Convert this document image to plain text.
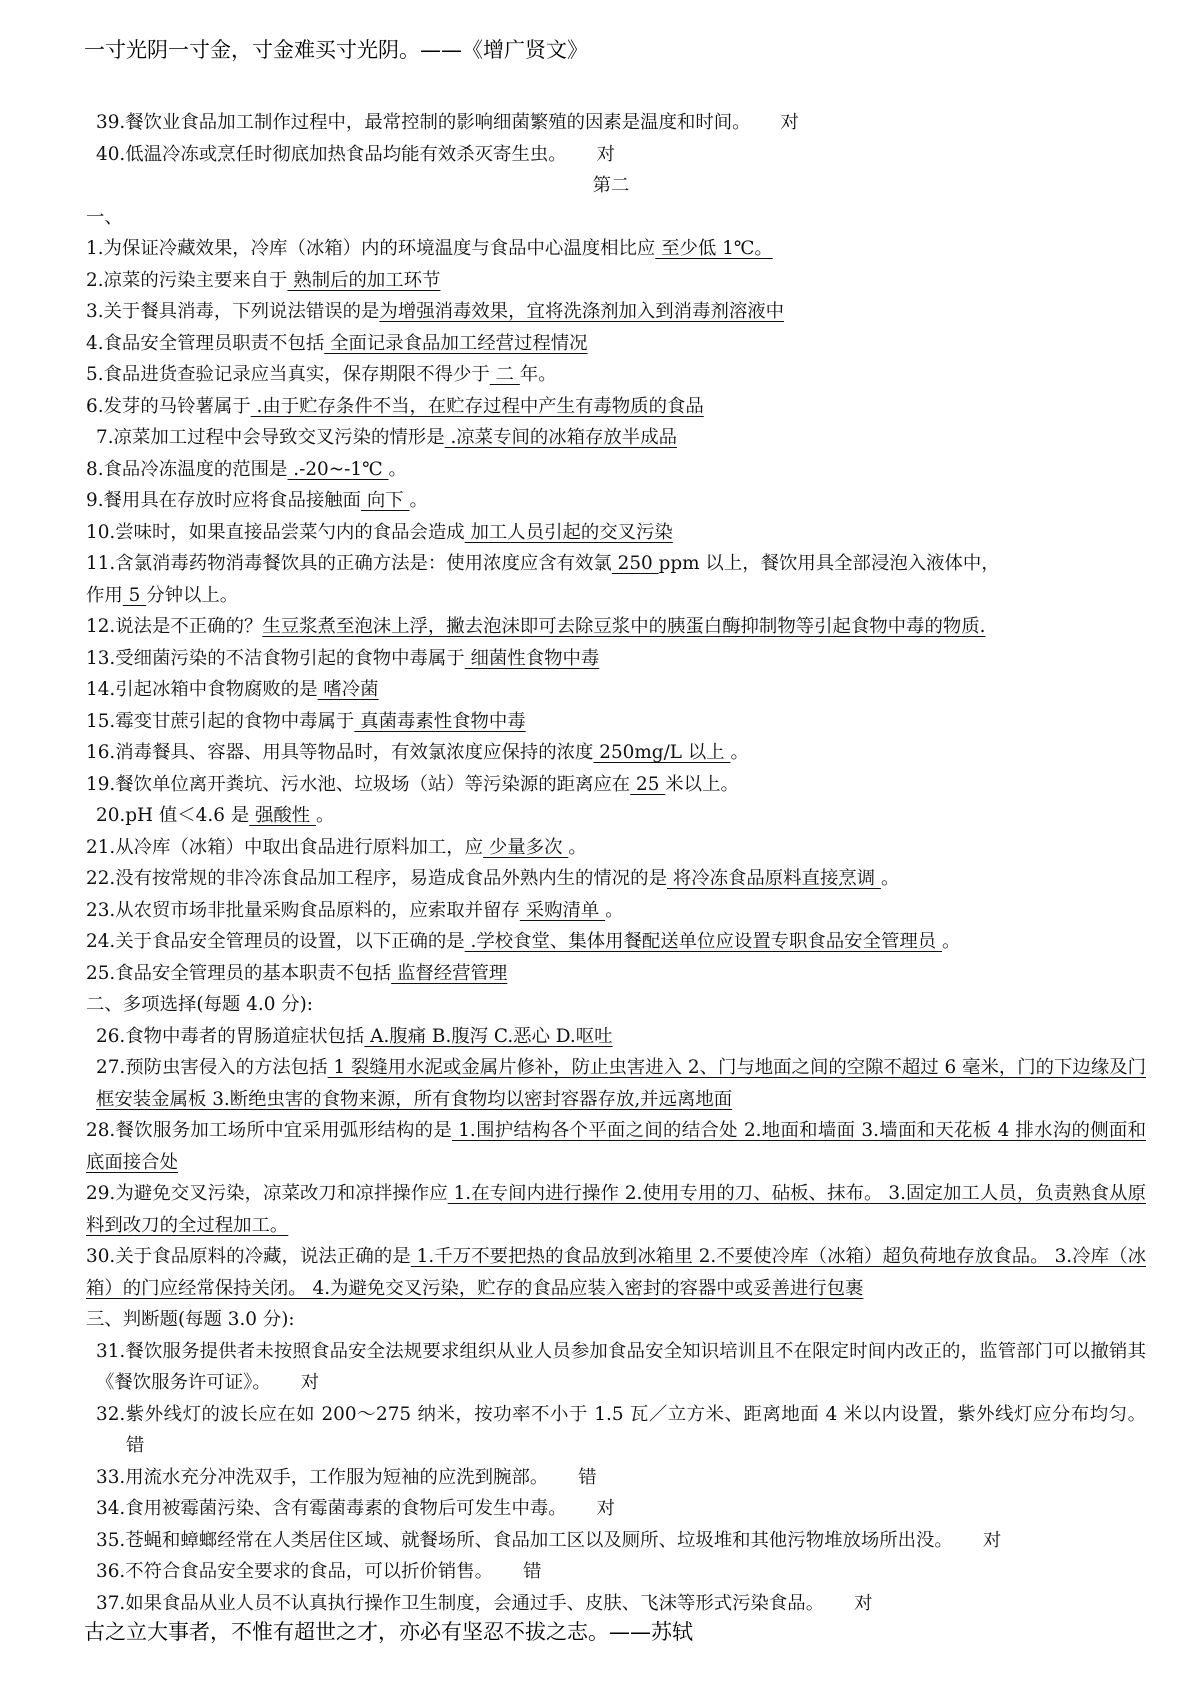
一寸光阴一寸金，寸金难买寸光阴。——《增广贤文》
39.餐饮业食品加工制作过程中，最常控制的影响细菌繁殖的因素是温度和时间。 对
40.低温冷冻或烹任时彻底加热食品均能有效杀灭寄生虫。 对
第二
一、
1.为保证冷藏效果，冷库（冰箱）内的环境温度与食品中心温度相比应 至少低 1℃。
2.凉菜的污染主要来自于 熟制后的加工环节
3.关于餐具消毒，下列说法错误的是为增强消毒效果，宜将洗涤剂加入到消毒剂溶液中
4.食品安全管理员职责不包括 全面记录食品加工经营过程情况
5.食品进货查验记录应当真实，保存期限不得少于 二 年。
6.发芽的马铃薯属于 .由于贮存条件不当，在贮存过程中产生有毒物质的食品
7.凉菜加工过程中会导致交叉污染的情形是 .凉菜专间的冰箱存放半成品
8.食品冷冻温度的范围是 .-20~-1℃ 。
9.餐用具在存放时应将食品接触面 向下 。
10.尝味时，如果直接品尝菜勺内的食品会造成 加工人员引起的交叉污染
11.含氯消毒药物消毒餐饮具的正确方法是：使用浓度应含有效氯 250 ppm 以上，餐饮用具全部浸泡入液体中，
作用 5 分钟以上。
12.说法是不正确的？生豆浆煮至泡沫上浮，撇去泡沫即可去除豆浆中的胰蛋白酶抑制物等引起食物中毒的物质.
13.受细菌污染的不洁食物引起的食物中毒属于 细菌性食物中毒
14.引起冰箱中食物腐败的是 嗜冷菌
15.霉变甘蔗引起的食物中毒属于 真菌毒素性食物中毒
16.消毒餐具、容器、用具等物品时，有效氯浓度应保持的浓度 250mg/L 以上 。
19.餐饮单位离开粪坑、污水池、垃圾场（站）等污染源的距离应在 25 米以上。
20.pH 值＜4.6 是 强酸性 。
21.从冷库（冰箱）中取出食品进行原料加工，应 少量多次 。
22.没有按常规的非冷冻食品加工程序，易造成食品外熟内生的情况的是 将冷冻食品原料直接烹调 。
23.从农贸市场非批量采购食品原料的，应索取并留存 采购清单 。
24.关于食品安全管理员的设置，以下正确的是 .学校食堂、集体用餐配送单位应设置专职食品安全管理员 。
25.食品安全管理员的基本职责不包括 监督经营管理
二、多项选择(每题 4.0 分):
26.食物中毒者的胃肠道症状包括 A.腹痛 B.腹泻 C.恶心 D.呕吐
27.预防虫害侵入的方法包括 1 裂缝用水泥或金属片修补，防止虫害进入 2、门与地面之间的空隙不超过 6 毫米，门的下边缘及门框安装金属板 3.断绝虫害的食物来源，所有食物均以密封容器存放,并远离地面
28.餐饮服务加工场所中宜采用弧形结构的是 1.围护结构各个平面之间的结合处 2.地面和墙面 3.墙面和天花板 4 排水沟的侧面和底面接合处
29.为避免交叉污染，凉菜改刀和凉拌操作应 1.在专间内进行操作 2.使用专用的刀、砧板、抹布。 3.固定加工人员，负责熟食从原料到改刀的全过程加工。
30.关于食品原料的冷藏，说法正确的是 1.千万不要把热的食品放到冰箱里 2.不要使冷库（冰箱）超负荷地存放食品。 3.冷库（冰箱）的门应经常保持关闭。 4.为避免交叉污染，贮存的食品应装入密封的容器中或妥善进行包裹
三、判断题(每题 3.0 分):
31.餐饮服务提供者未按照食品安全法规要求组织从业人员参加食品安全知识培训且不在限定时间内改正的，监管部门可以撤销其《餐饮服务许可证》。 对
32.紫外线灯的波长应在如 200～275 纳米，按功率不小于 1.5 瓦／立方米、距离地面 4 米以内设置，紫外线灯应分布均匀。错
33.用流水充分冲洗双手，工作服为短袖的应洗到腕部。 错
34.食用被霉菌污染、含有霉菌毒素的食物后可发生中毒。 对
35.苍蝇和蟑螂经常在人类居住区域、就餐场所、食品加工区以及厕所、垃圾堆和其他污物堆放场所出没。 对
36.不符合食品安全要求的食品，可以折价销售。 错
37.如果食品从业人员不认真执行操作卫生制度，会通过手、皮肤、飞沫等形式污染食品。 对
古之立大事者，不惟有超世之才，亦必有坚忍不拔之志。——苏轼
